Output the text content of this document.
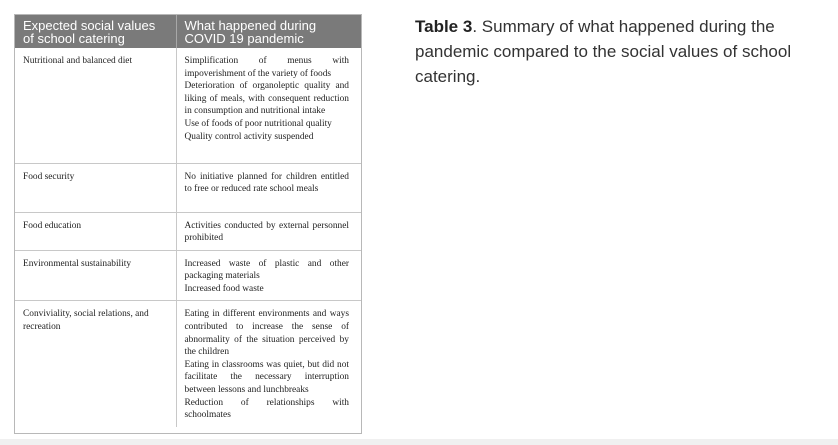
Expected social values of school catering	What happened during COVID 19 pandemic
Nutritional and balanced diet	Simplification of menus with impoverishment of the variety of foods
Deterioration of organoleptic quality and liking of meals, with consequent reduction in consumption and nutritional intake
Use of foods of poor nutritional quality
Quality control activity suspended

Food security	No initiative planned for children entitled to free or reduced rate school meals

Food education	Activities conducted by external personnel prohibited

Environmental sustainability	Increased waste of plastic and other packaging materials
Increased food waste

Conviviality, social relations, and recreation	Eating in different environments and ways contributed to increase the sense of abnormality of the situation perceived by the children
Eating in classrooms was quiet, but did not facilitate the necessary interruption between lessons and lunchbreaks
Reduction of relationships with schoolmates
Table 3. Summary of what happened during the pandemic compared to the social values of school catering.
